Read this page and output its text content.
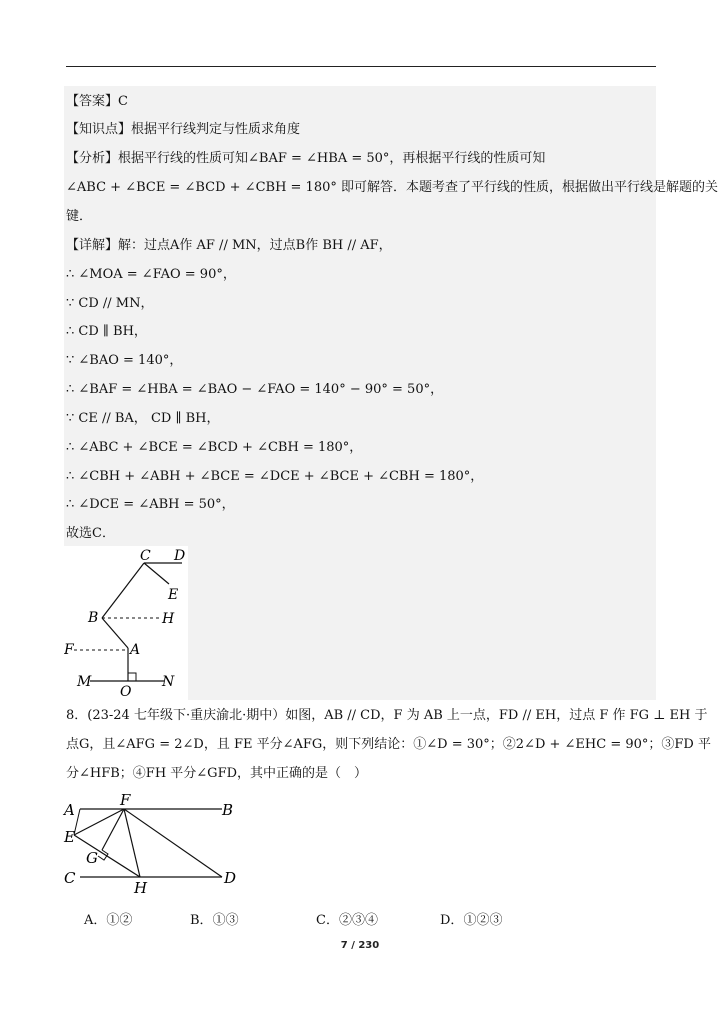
【答案】C
【知识点】根据平行线判定与性质求角度
【分析】根据平行线的性质可知∠BAF = ∠HBA = 50°，再根据平行线的性质可知
∠ABC + ∠BCE = ∠BCD + ∠CBH = 180° 即可解答．本题考查了平行线的性质，根据做出平行线是解题的关
键．
【详解】解：过点A作 AF // MN，过点B作 BH // AF，
∴ ∠MOA = ∠FAO = 90°，
∵ CD // MN，
∴ CD ∥ BH，
∵ ∠BAO = 140°，
∴ ∠BAF = ∠HBA = ∠BAO − ∠FAO = 140° − 90° = 50°，
∵ CE // BA， CD ∥ BH，
∴ ∠ABC + ∠BCE = ∠BCD + ∠CBH = 180°，
∴ ∠CBH + ∠ABH + ∠BCE = ∠DCE + ∠BCE + ∠CBH = 180°，
∴ ∠DCE = ∠ABH = 50°，
故选C．
C D
E
B	H
F	A
M
O
N
8．(23-24 七年级下·重庆渝北·期中）如图，AB // CD，F 为 AB 上一点，FD // EH，过点 F 作 FG ⊥ EH 于
点G，且∠AFG = 2∠D，且 FE 平分∠AFG，则下列结论：①∠D = 30°；②2∠D + ∠EHC = 90°；③FD 平
分∠HFB；④FH 平分∠GFD，其中正确的是（　）
A
F
B
E
G
C
H
D
A．①②	B．①③	C．②③④	D．①②③
7 / 230
